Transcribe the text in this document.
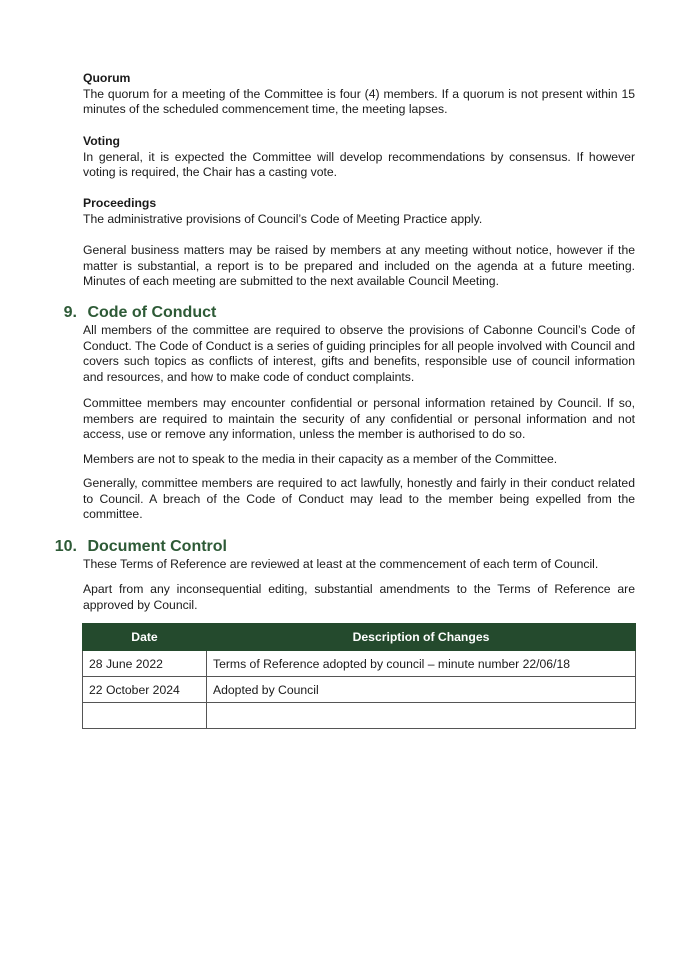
Quorum

The quorum for a meeting of the Committee is four (4) members. If a quorum is not present within 15 minutes of the scheduled commencement time, the meeting lapses.

Voting

In general, it is expected the Committee will develop recommendations by consensus. If however voting is required, the Chair has a casting vote.

Proceedings

The administrative provisions of Council’s Code of Meeting Practice apply.

General business matters may be raised by members at any meeting without notice, however if the matter is substantial, a report is to be prepared and included on the agenda at a future meeting. Minutes of each meeting are submitted to the next available Council Meeting.

9. Code of Conduct

All members of the committee are required to observe the provisions of Cabonne Council’s Code of Conduct. The Code of Conduct is a series of guiding principles for all people involved with Council and covers such topics as conflicts of interest, gifts and benefits, responsible use of council information and resources, and how to make code of conduct complaints.

Committee members may encounter confidential or personal information retained by Council. If so, members are required to maintain the security of any confidential or personal information and not access, use or remove any information, unless the member is authorised to do so.

Members are not to speak to the media in their capacity as a member of the Committee.

Generally, committee members are required to act lawfully, honestly and fairly in their conduct related to Council. A breach of the Code of Conduct may lead to the member being expelled from the committee.

10. Document Control

These Terms of Reference are reviewed at least at the commencement of each term of Council.

Apart from any inconsequential editing, substantial amendments to the Terms of Reference are approved by Council.

Date	Description of Changes
28 June 2022	Terms of Reference adopted by council – minute number 22/06/18
22 October 2024	Adopted by Council
